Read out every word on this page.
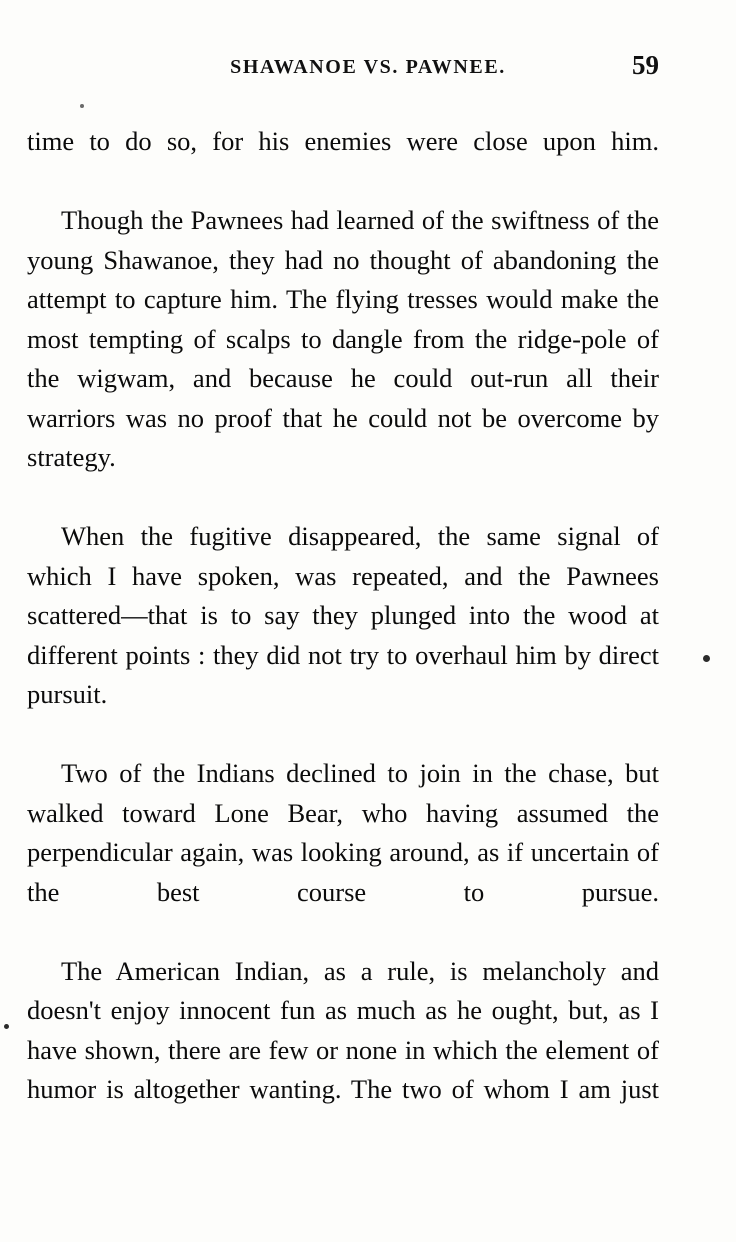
SHAWANOE VS. PAWNEE.	59

time to do so, for his enemies were close upon him.

Though the Pawnees had learned of the swiftness of the young Shawanoe, they had no thought of abandoning the attempt to capture him. The flying tresses would make the most tempting of scalps to dangle from the ridge-pole of the wigwam, and because he could out-run all their warriors was no proof that he could not be overcome by strategy.

When the fugitive disappeared, the same signal of which I have spoken, was repeated, and the Pawnees scattered—that is to say they plunged into the wood at different points : they did not try to overhaul him by direct pursuit.

Two of the Indians declined to join in the chase, but walked toward Lone Bear, who having assumed the perpendicular again, was looking around, as if uncertain of the best course to pursue.

The American Indian, as a rule, is melancholy and doesn't enjoy innocent fun as much as he ought, but, as I have shown, there are few or none in which the element of humor is altogether wanting. The two of whom I am just
